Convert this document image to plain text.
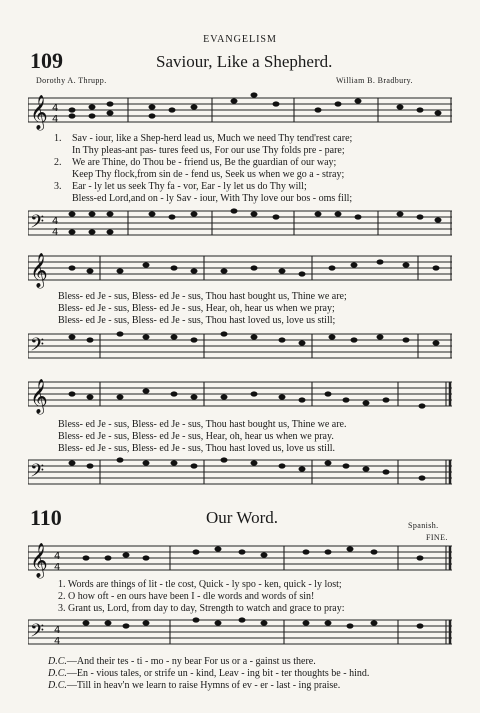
EVANGELISM
109	Saviour, Like a Shepherd.
Dorothy A. Thrupp.	William B. Bradbury.
𝄞 4
4
1. Sav - iour, like a Shep-herd lead us, Much we need Thy tend'rest care;
In Thy pleas-ant pas- tures feed us, For our use Thy folds pre - pare;
2. We are Thine, do Thou be - friend us, Be the guardian of our way;
Keep Thy flock,from sin de - fend us, Seek us when we go a - stray;
3. Ear - ly let us seek Thy fa - vor, Ear - ly let us do Thy will;
Bless-ed Lord,and on - ly Sav - iour, With Thy love our bos - oms fill;
𝄢 4
4
𝄞
Bless- ed Je - sus, Bless- ed Je - sus, Thou hast bought us, Thine we are;
Bless- ed Je - sus, Bless- ed Je - sus, Hear, oh, hear us when we pray;
Bless- ed Je - sus, Bless- ed Je - sus, Thou hast loved us, love us still;
𝄢
𝄞
Bless- ed Je - sus, Bless- ed Je - sus, Thou hast bought us, Thine we are.
Bless- ed Je - sus, Bless- ed Je - sus, Hear, oh, hear us when we pray.
Bless- ed Je - sus, Bless- ed Je - sus, Thou hast loved us, love us still.
𝄢
110	Our Word.	Spanish.
FINE.
𝄞 4
4
1. Words are things of lit - tle cost, Quick - ly spo - ken, quick - ly lost;
2. O how oft - en ours have been I - dle words and words of sin!
3. Grant us, Lord, from day to day, Strength to watch and grace to pray:
𝄢 4
4
D.C.—And their tes - ti - mo - ny bear For us or a - gainst us there.
D.C.—En - vious tales, or strife un - kind, Leav - ing bit - ter thoughts be - hind.
D.C.—Till in heav'n we learn to raise Hymns of ev - er - last - ing praise.
